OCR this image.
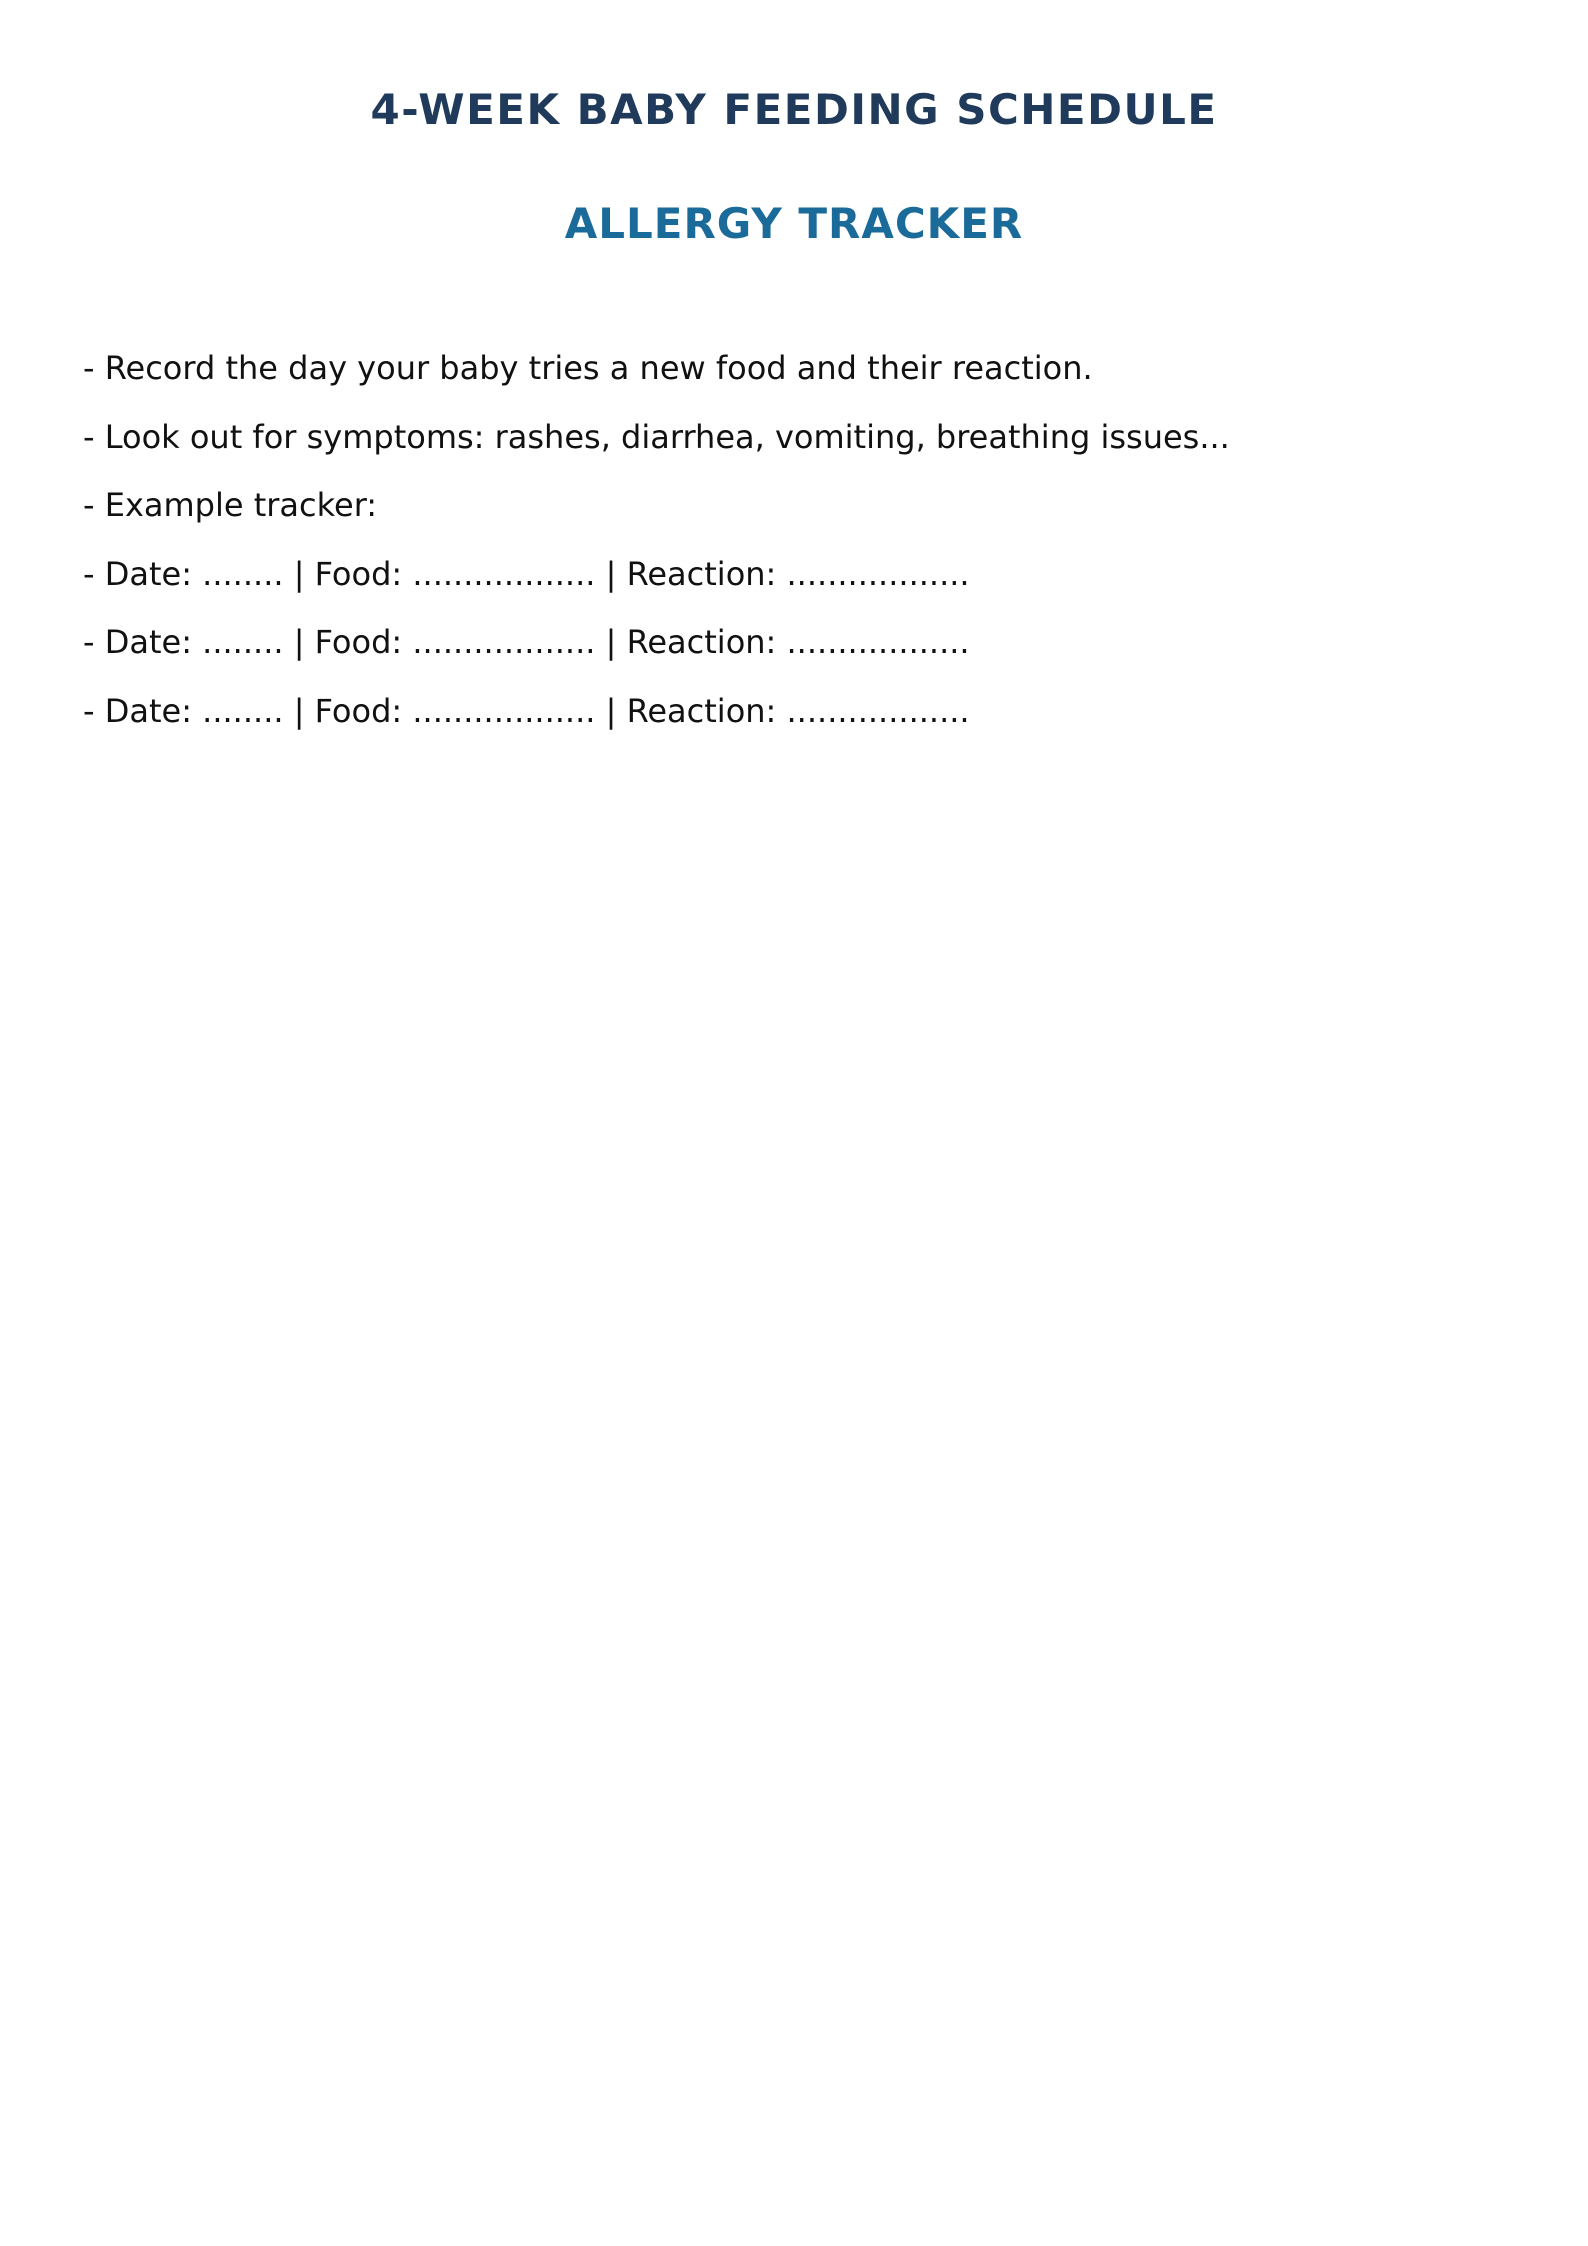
4-WEEK BABY FEEDING SCHEDULE
ALLERGY TRACKER
- Record the day your baby tries a new food and their reaction.
- Look out for symptoms: rashes, diarrhea, vomiting, breathing issues...
- Example tracker:
- Date: ........ | Food: .................. | Reaction: ..................
- Date: ........ | Food: .................. | Reaction: ..................
- Date: ........ | Food: .................. | Reaction: ..................
